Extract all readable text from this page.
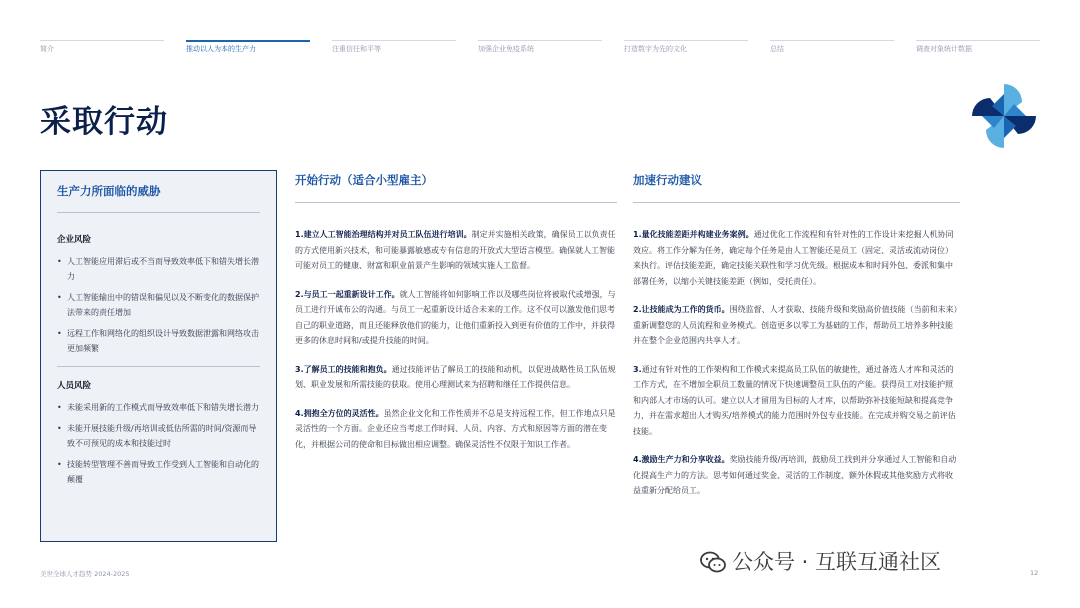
简介	推动以人为本的生产力	注重信任和平等	加强企业免疫系统	打造数字为先的文化	总结	调查对象统计数据
采取行动
生产力所面临的威胁
企业风险
• 人工智能应用滞后或不当而导致效率低下和错失增长潜力
• 人工智能输出中的错误和偏见以及不断变化的数据保护法带来的责任增加
• 远程工作和网络化的组织设计导致数据泄露和网络攻击更加频繁
人员风险
• 未能采用新的工作模式而导致效率低下和错失增长潜力
• 未能开展技能升级/再培训或低估所需的时间/资源而导致不可预见的成本和技能过时
• 技能转型管理不善而导致工作受到人工智能和自动化的颠覆
开始行动（适合小型雇主）

1.建立人工智能治理结构并对员工队伍进行培训。制定并实施相关政策，确保员工以负责任的方式使用新兴技术，和可能暴露敏感或专有信息的开放式大型语言模型。确保就人工智能可能对员工的健康、财富和职业前景产生影响的领域实施人工监督。

2.与员工一起重新设计工作。就人工智能将如何影响工作以及哪些岗位将被取代或增强，与员工进行开诚布公的沟通。与员工一起重新设计适合未来的工作。这不仅可以激发他们思考自己的职业道路，而且还能释放他们的能力，让他们重新投入到更有价值的工作中，并获得更多的休息时间和/或提升技能的时间。

3.了解员工的技能和抱负。通过技能评估了解员工的技能和动机，以促进战略性员工队伍规划、职业发展和所需技能的获取。使用心理测试来为招聘和继任工作提供信息。

4.拥抱全方位的灵活性。虽然企业文化和工作性质并不总是支持远程工作，但工作地点只是灵活性的一个方面。企业还应当考虑工作时间、人员、内容、方式和原因等方面的潜在变化，并根据公司的使命和目标做出相应调整。确保灵活性不仅限于知识工作者。

加速行动建议

1.量化技能差距并构建业务案例。通过优化工作流程和有针对性的工作设计来挖掘人机协同效应。将工作分解为任务，确定每个任务是由人工智能还是员工（固定、灵活或流动岗位）来执行。评估技能差距，确定技能关联性和学习优先级。根据成本和时间外包、委派和集中部署任务，以缩小关键技能差距（例如，受托责任）。

2.让技能成为工作的货币。围绕监督、人才获取、技能升级和奖励高价值技能（当前和未来）重新调整您的人员流程和业务模式。创造更多以零工为基础的工作，帮助员工培养多种技能并在整个企业范围内共享人才。

3.通过有针对性的工作架构和工作模式来提高员工队伍的敏捷性，通过备选人才库和灵活的工作方式，在不增加全职员工数量的情况下快速调整员工队伍的产能。获得员工对技能护照和内部人才市场的认可。建立以人才留用为目标的人才库，以帮助弥补技能短缺和提高竞争力，并在需求超出人才购买/培养模式的能力范围时外包专业技能。在完成并购交易之前评估技能。

4.激励生产力和分享收益。奖励技能升级/再培训，鼓励员工找到并分享通过人工智能和自动化提高生产力的方法。思考如何通过奖金、灵活的工作制度、额外休假或其他奖励方式将收益重新分配给员工。

美世全球人才趋势 2024-2025	公众号 · 互联互通社区	12
